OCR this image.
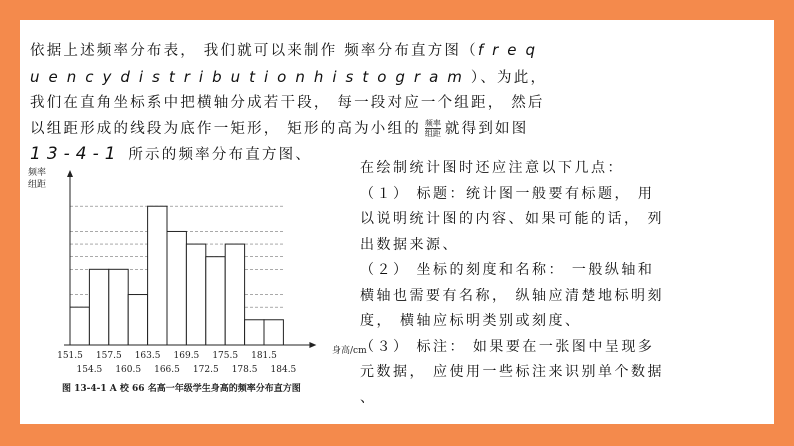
依据上述频率分布表， 我们就可以来制作 频率分布直方图（freq
uencydistributionhistogram）、为此，
我们在直角坐标系中把横轴分成若干段， 每一段对应一个组距， 然后
以组距形成的线段为底作一矩形， 矩形的高为小组的 $\frac{\text{频率}}{\text{组距}}$ 就得到如图
13-4-1 所示的频率分布直方图、
在绘制统计图时还应注意以下几点：
（１） 标题：统计图一般要有标题， 用
以说明统计图的内容、如果可能的话， 列
出数据来源、
（２） 坐标的刻度和名称： 一般纵轴和
横轴也需要有名称， 纵轴应清楚地标明刻
度， 横轴应标明类别或刻度、
（３） 标注： 如果要在一张图中呈现多
元数据， 应使用一些标注来识别单个数据
、
151.5 157.5 163.5 169.5 175.5 181.5
154.5 160.5 166.5 172.5 178.5 184.5
频率
组距
身高/cm
图 13-4-1 A 校 66 名高一年级学生身高的频率分布直方图
